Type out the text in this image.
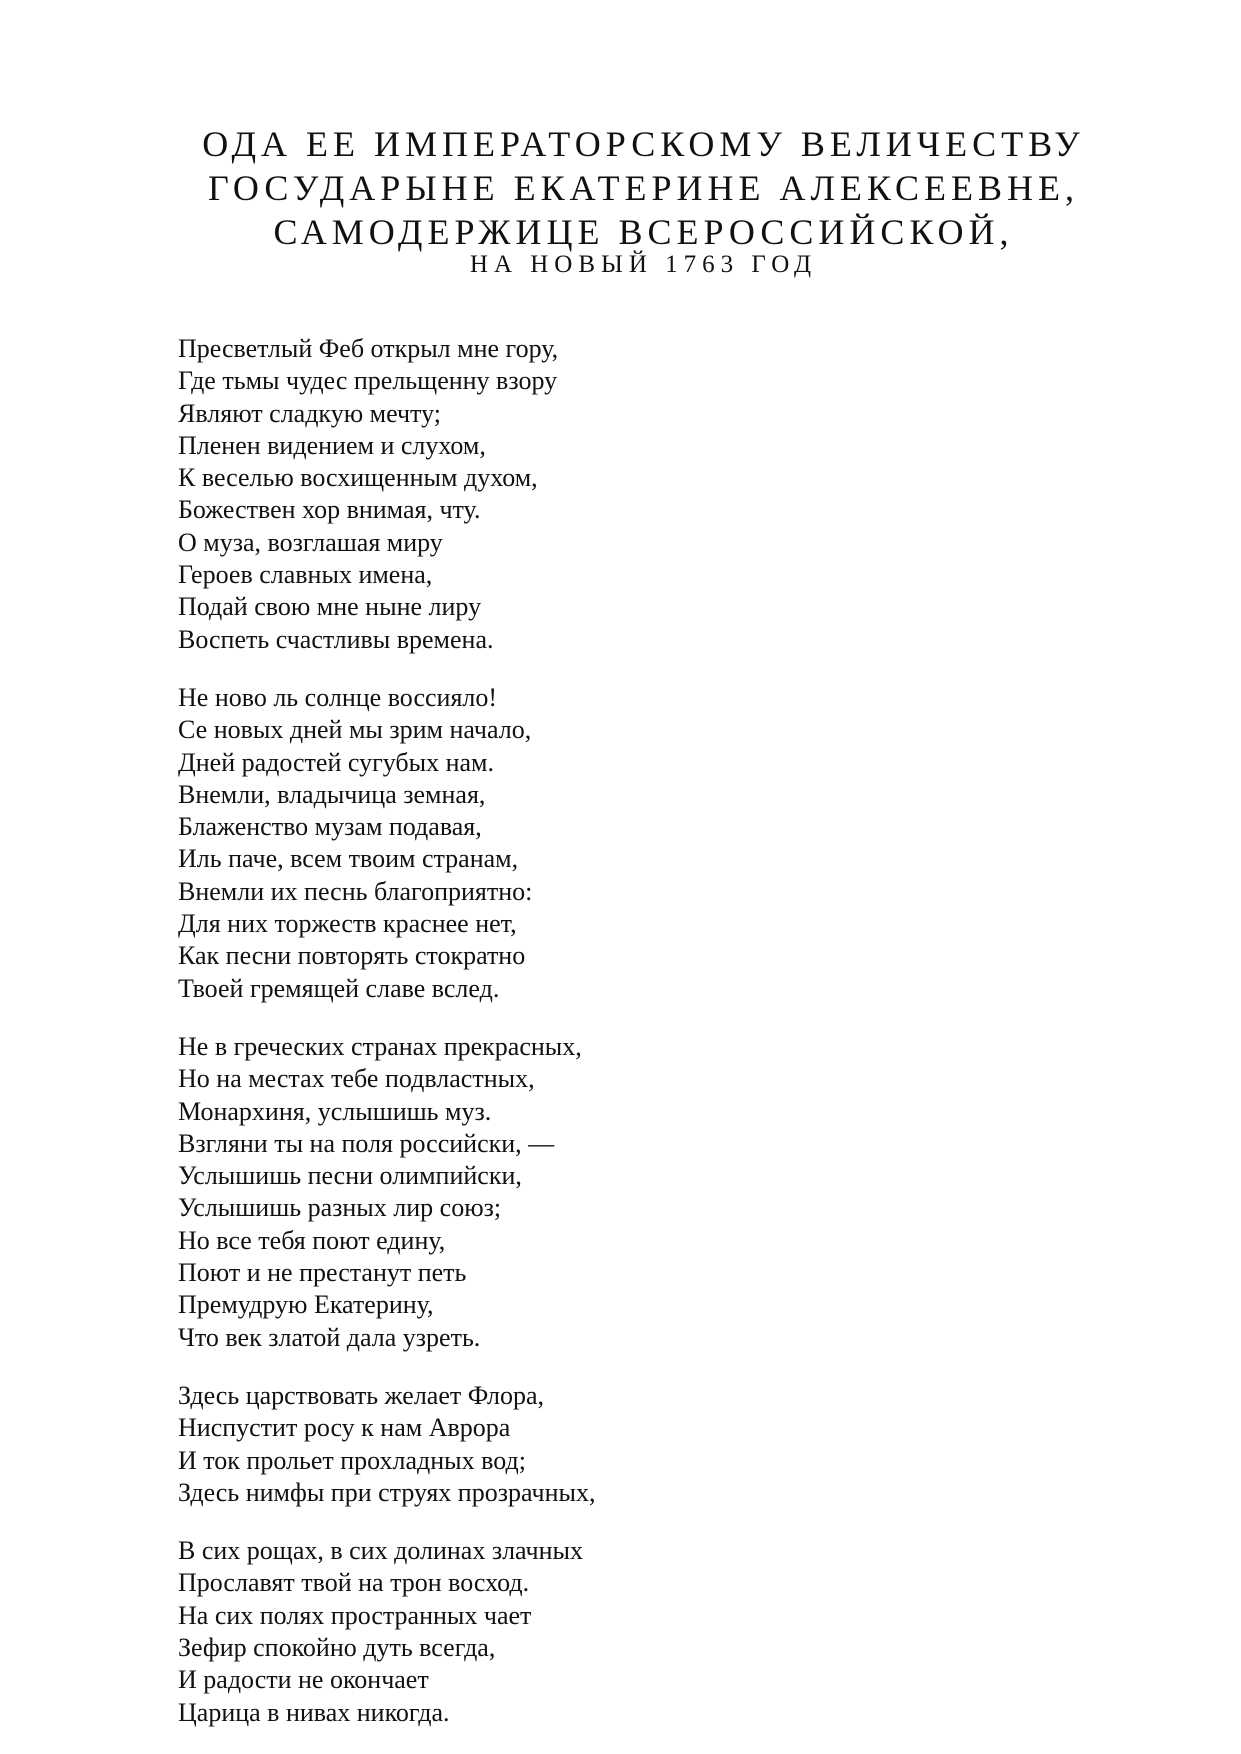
ОДА ЕЕ ИМПЕРАТОРСКОМУ ВЕЛИЧЕСТВУ
ГОСУДАРЫНЕ ЕКАТЕРИНЕ АЛЕКСЕЕВНЕ,
САМОДЕРЖИЦЕ ВСЕРОССИЙСКОЙ,
НА НОВЫЙ 1763 ГОД
Пресветлый Феб открыл мне гору,
Где тьмы чудес прельщенну взору
Являют сладкую мечту;
Пленен видением и слухом,
К веселью восхищенным духом,
Божествен хор внимая, чту.
О муза, возглашая миру
Героев славных имена,
Подай свою мне ныне лиру
Воспеть счастливы времена.
Не ново ль солнце воссияло!
Се новых дней мы зрим начало,
Дней радостей сугубых нам.
Внемли, владычица земная,
Блаженство музам подавая,
Иль паче, всем твоим странам,
Внемли их песнь благоприятно:
Для них торжеств краснее нет,
Как песни повторять стократно
Твоей гремящей славе вслед.
Не в греческих странах прекрасных,
Но на местах тебе подвластных,
Монархиня, услышишь муз.
Взгляни ты на поля российски, —
Услышишь песни олимпийски,
Услышишь разных лир союз;
Но все тебя поют едину,
Поют и не престанут петь
Премудрую Екатерину,
Что век златой дала узреть.
Здесь царствовать желает Флора,
Ниспустит росу к нам Аврора
И ток прольет прохладных вод;
Здесь нимфы при струях прозрачных,
В сих рощах, в сих долинах злачных
Прославят твой на трон восход.
На сих полях пространных чает
Зефир спокойно дуть всегда,
И радости не окончает
Царица в нивах никогда.
